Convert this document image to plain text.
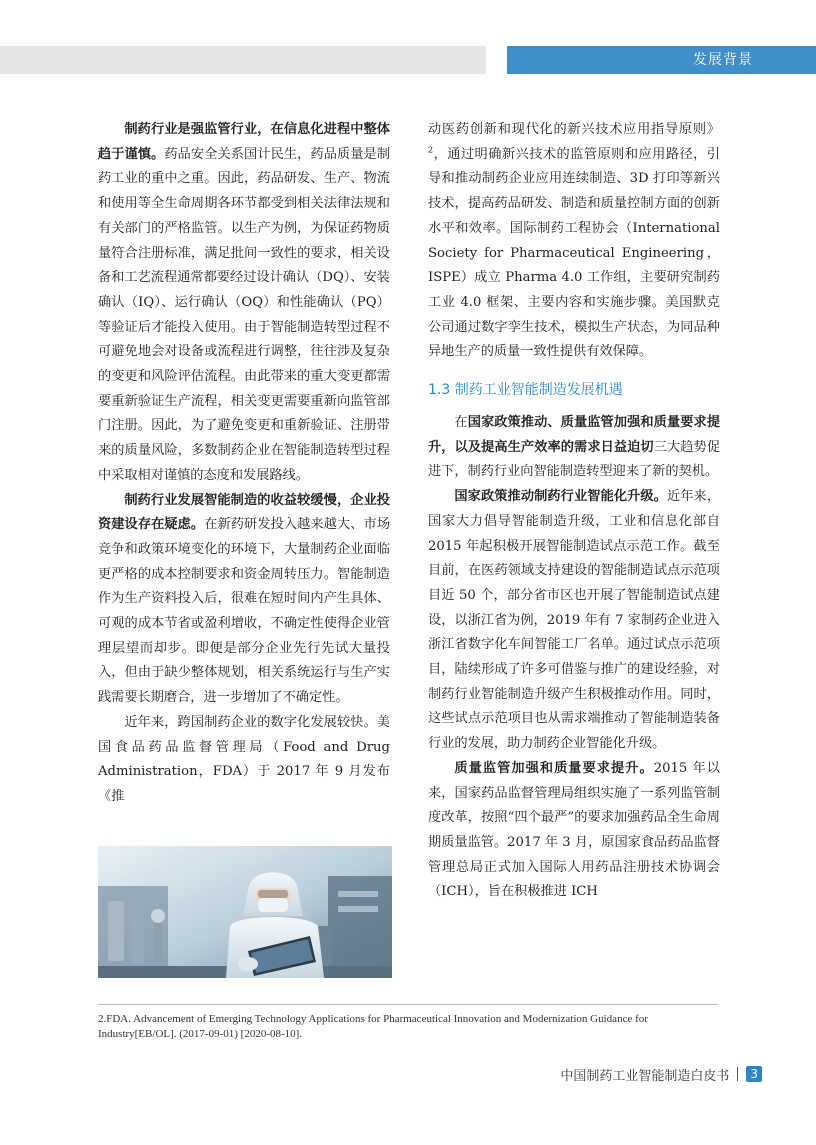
发展背景

制药行业是强监管行业，在信息化进程中整体趋于谨慎。药品安全关系国计民生，药品质量是制药工业的重中之重。因此，药品研发、生产、物流和使用等全生命周期各环节都受到相关法律法规和有关部门的严格监管。以生产为例，为保证药物质量符合注册标准，满足批间一致性的要求，相关设备和工艺流程通常都要经过设计确认（DQ）、安装确认（IQ）、运行确认（OQ）和性能确认（PQ）等验证后才能投入使用。由于智能制造转型过程不可避免地会对设备或流程进行调整，往往涉及复杂的变更和风险评估流程。由此带来的重大变更都需要重新验证生产流程，相关变更需要重新向监管部门注册。因此，为了避免变更和重新验证、注册带来的质量风险，多数制药企业在智能制造转型过程中采取相对谨慎的态度和发展路线。

制药行业发展智能制造的收益较缓慢，企业投资建设存在疑虑。在新药研发投入越来越大、市场竞争和政策环境变化的环境下，大量制药企业面临更严格的成本控制要求和资金周转压力。智能制造作为生产资料投入后，很难在短时间内产生具体、可观的成本节省或盈利增收，不确定性使得企业管理层望而却步。即便是部分企业先行先试大量投入，但由于缺少整体规划，相关系统运行与生产实践需要长期磨合，进一步增加了不确定性。

近年来，跨国制药企业的数字化发展较快。美国食品药品监督管理局（Food and Drug Administration，FDA）于 2017 年 9 月发布《推

动医药创新和现代化的新兴技术应用指导原则》$^2$，通过明确新兴技术的监管原则和应用路径，引导和推动制药企业应用连续制造、3D 打印等新兴技术，提高药品研发、制造和质量控制方面的创新水平和效率。国际制药工程协会（International Society for Pharmaceutical Engineering，ISPE）成立 Pharma 4.0 工作组，主要研究制药工业 4.0 框架、主要内容和实施步骤。美国默克公司通过数字孪生技术，模拟生产状态，为同品种异地生产的质量一致性提供有效保障。

1.3 制药工业智能制造发展机遇

在国家政策推动、质量监管加强和质量要求提升，以及提高生产效率的需求日益迫切三大趋势促进下，制药行业向智能制造转型迎来了新的契机。

国家政策推动制药行业智能化升级。近年来，国家大力倡导智能制造升级，工业和信息化部自 2015 年起积极开展智能制造试点示范工作。截至目前，在医药领域支持建设的智能制造试点示范项目近 50 个，部分省市区也开展了智能制造试点建设，以浙江省为例，2019 年有 7 家制药企业进入浙江省数字化车间智能工厂名单。通过试点示范项目，陆续形成了许多可借鉴与推广的建设经验，对制药行业智能制造升级产生积极推动作用。同时，这些试点示范项目也从需求端推动了智能制造装备行业的发展，助力制药企业智能化升级。

质量监管加强和质量要求提升。2015 年以来，国家药品监督管理局组织实施了一系列监管制度改革，按照“四个最严”的要求加强药品全生命周期质量监管。2017 年 3 月，原国家食品药品监督管理总局正式加入国际人用药品注册技术协调会（ICH），旨在积极推进 ICH

2.FDA. Advancement of Emerging Technology Applications for Pharmaceutical Innovation and Modernization Guidance for Industry[EB/OL]. (2017-09-01) [2020-08-10].
中国制药工业智能制造白皮书	3
